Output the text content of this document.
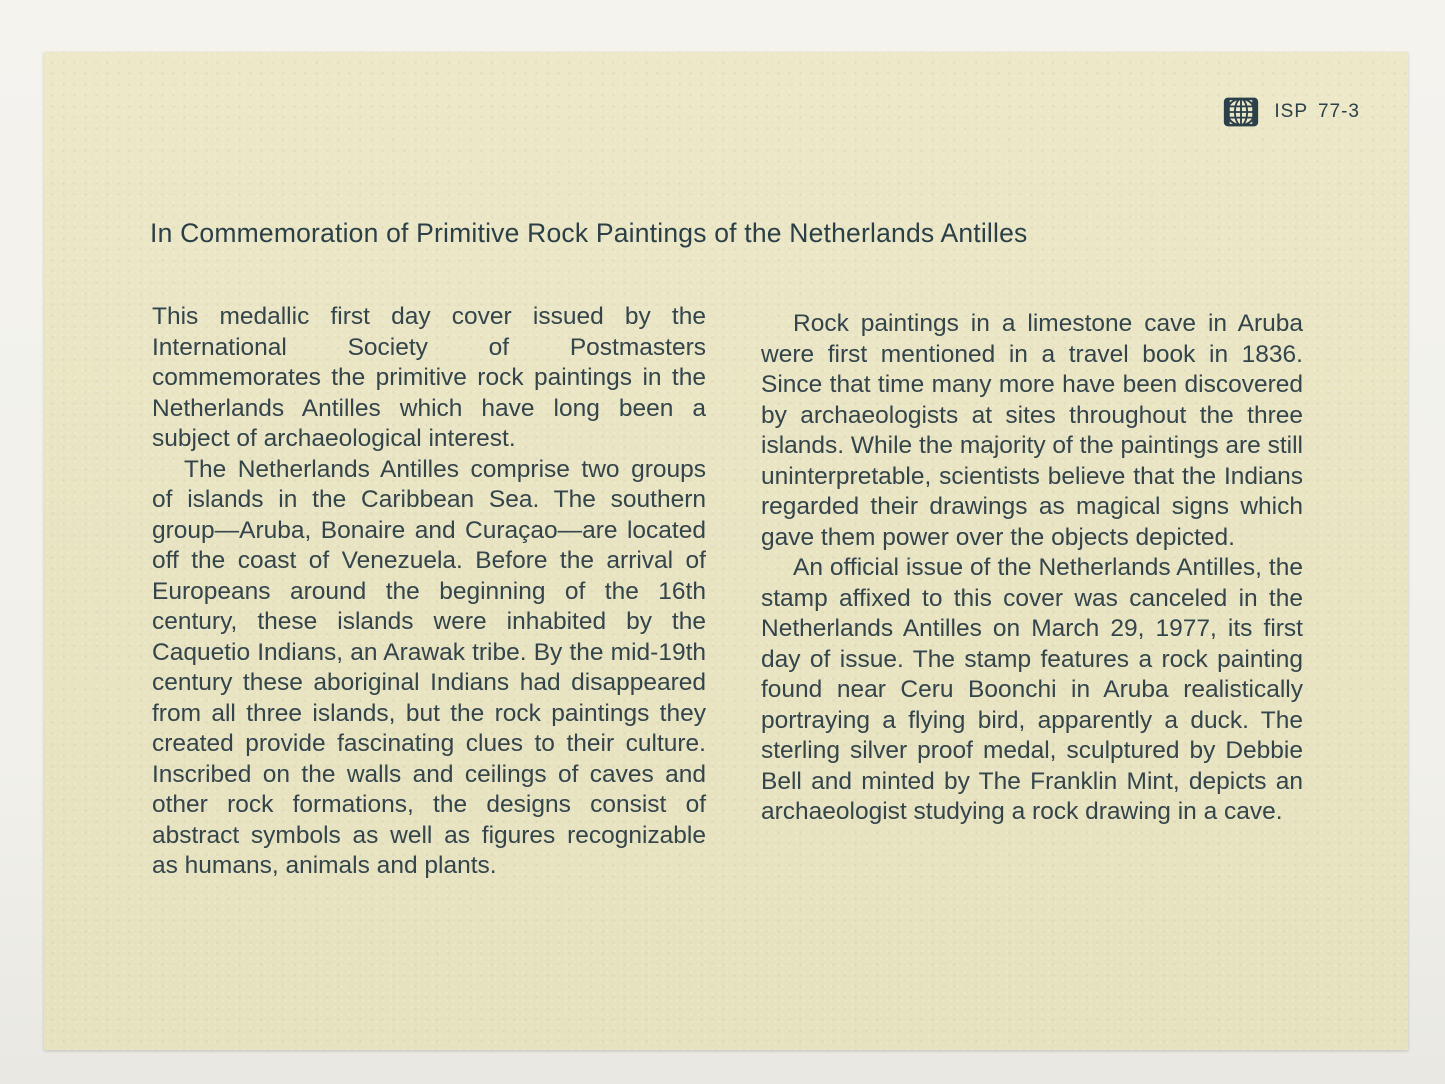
ISP 77-3
In Commemoration of Primitive Rock Paintings of the Netherlands Antilles

This medallic first day cover issued by the International Society of Postmasters commemorates the primitive rock paintings in the Netherlands Antilles which have long been a subject of archaeological interest.

The Netherlands Antilles comprise two groups of islands in the Caribbean Sea. The southern group—Aruba, Bonaire and Curaçao—are located off the coast of Venezuela. Before the arrival of Europeans around the beginning of the 16th century, these islands were inhabited by the Caquetio Indians, an Arawak tribe. By the mid-19th century these aboriginal Indians had disappeared from all three islands, but the rock paintings they created provide fascinating clues to their culture. Inscribed on the walls and ceilings of caves and other rock formations, the designs consist of abstract symbols as well as figures recognizable as humans, animals and plants.

Rock paintings in a limestone cave in Aruba were first mentioned in a travel book in 1836. Since that time many more have been discovered by archaeologists at sites throughout the three islands. While the majority of the paintings are still uninterpretable, scientists believe that the Indians regarded their drawings as magical signs which gave them power over the objects depicted.

An official issue of the Netherlands Antilles, the stamp affixed to this cover was canceled in the Netherlands Antilles on March 29, 1977, its first day of issue. The stamp features a rock painting found near Ceru Boonchi in Aruba realistically portraying a flying bird, apparently a duck. The sterling silver proof medal, sculptured by Debbie Bell and minted by The Franklin Mint, depicts an archaeologist studying a rock drawing in a cave.
